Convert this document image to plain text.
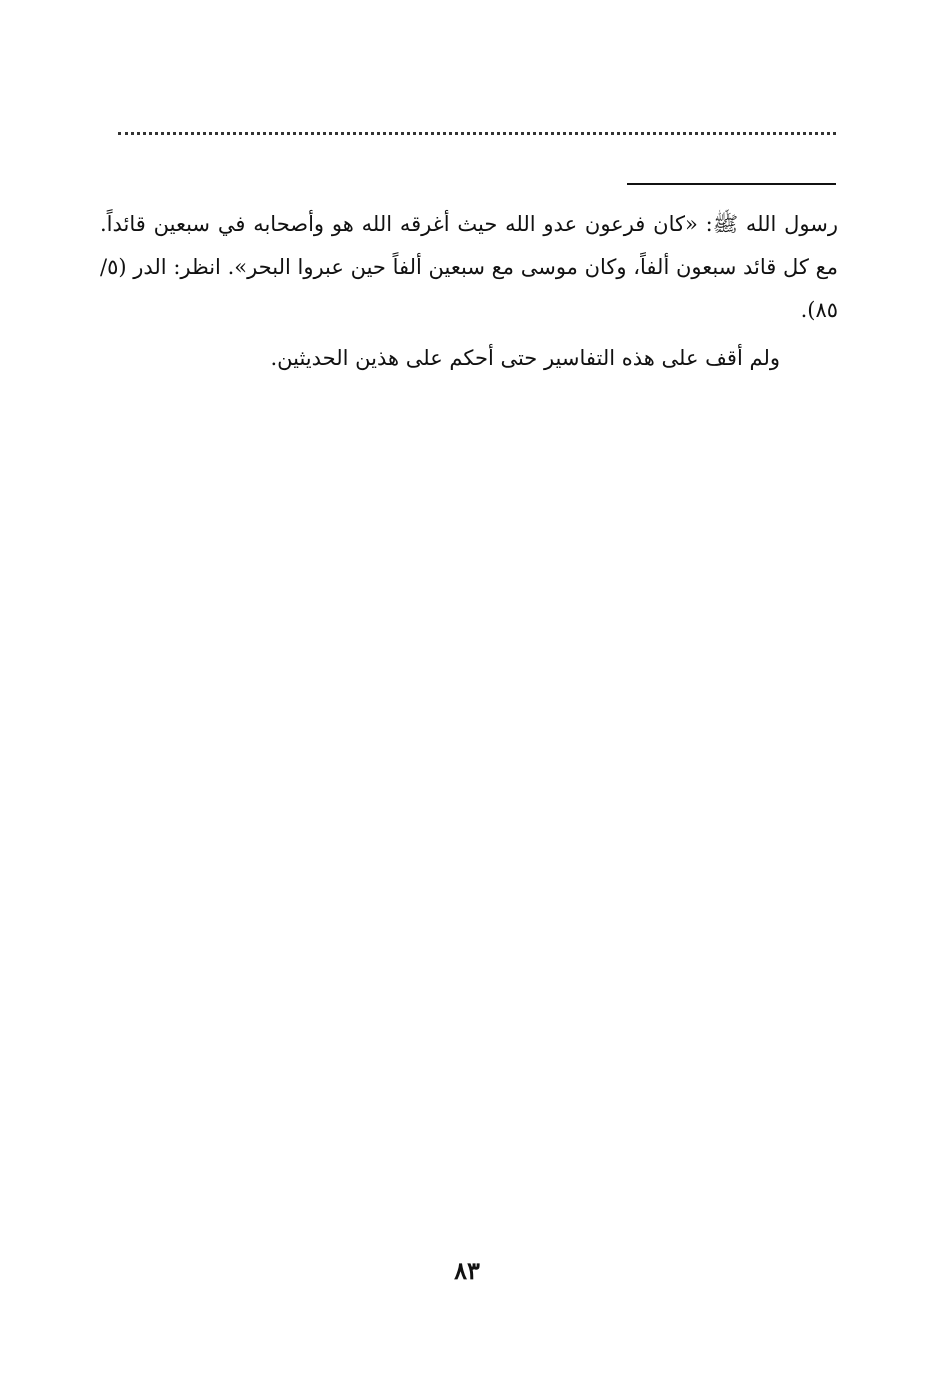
رسول الله ﷺ: «كان فرعون عدو الله حيث أغرقه الله هو وأصحابه في سبعين قائداً. مع كل قائد سبعون ألفاً، وكان موسى مع سبعين ألفاً حين عبروا البحر». انظر: الدر (٥/ ٨٥).

ولم أقف على هذه التفاسير حتى أحكم على هذين الحديثين.

٨٣
